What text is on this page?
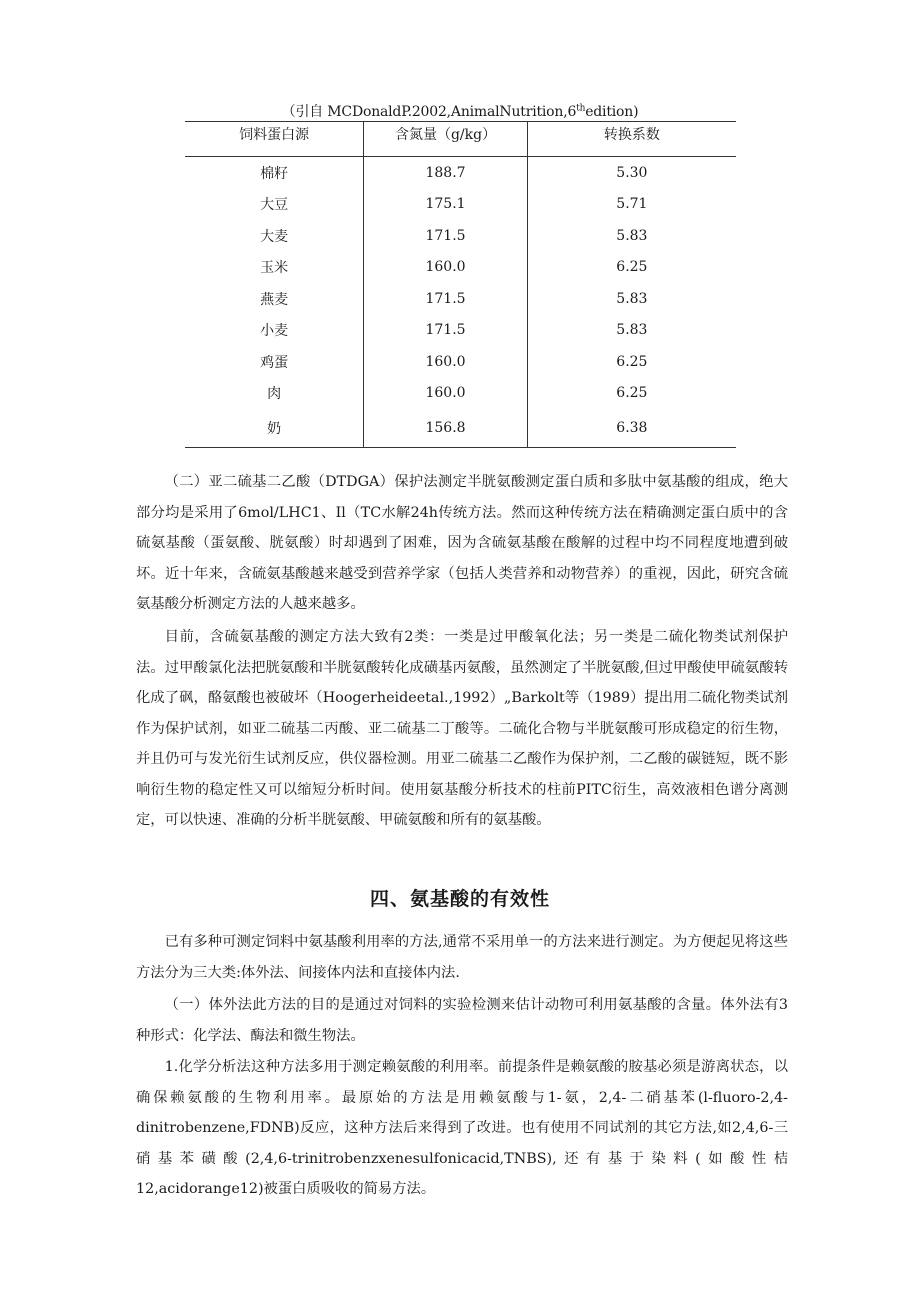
（引自 MCDonaldP.2002,AnimalNutrition,6thedition)
饲料蛋白源	含氮量（g/kg）	转换系数
棉籽	188.7	5.30
大豆	175.1	5.71
大麦	171.5	5.83
玉米	160.0	6.25
燕麦	171.5	5.83
小麦	171.5	5.83
鸡蛋	160.0	6.25
肉	160.0	6.25
奶	156.8	6.38

（二）亚二硫基二乙酸（DTDGA）保护法测定半胱氨酸测定蛋白质和多肽中氨基酸的组成，绝大部分均是采用了6mol/LHC1、Il（TC水解24h传统方法。然而这种传统方法在精确测定蛋白质中的含硫氨基酸（蛋氨酸、胱氨酸）时却遇到了困难，因为含硫氨基酸在酸解的过程中均不同程度地遭到破坏。近十年来，含硫氨基酸越来越受到营养学家（包括人类营养和动物营养）的重视，因此，研究含硫氨基酸分析测定方法的人越来越多。

目前，含硫氨基酸的测定方法大致有2类：一类是过甲酸氧化法；另一类是二硫化物类试剂保护法。过甲酸氯化法把胱氨酸和半胱氨酸转化成磺基丙氨酸，虽然测定了半胱氨酸,但过甲酸使甲硫氨酸转化成了砜，酪氨酸也被破坏（Hoogerheideetal.,1992）„Barkolt等（1989）提出用二硫化物类试剂作为保护试剂，如亚二硫基二丙酸、亚二硫基二丁酸等。二硫化合物与半胱氨酸可形成稳定的衍生物，并且仍可与发光衍生试剂反应，供仪器检测。用亚二硫基二乙酸作为保护剂，二乙酸的碳链短，既不影响衍生物的稳定性又可以缩短分析时间。使用氨基酸分析技术的柱前PITC衍生，高效液相色谱分离测定，可以快速、准确的分析半胱氨酸、甲硫氨酸和所有的氨基酸。

四、氨基酸的有效性

已有多种可测定饲料中氨基酸利用率的方法,通常不采用单一的方法来进行测定。为方便起见将这些方法分为三大类:体外法、间接体内法和直接体内法.

（一）体外法此方法的目的是通过对饲料的实验检测来估计动物可利用氨基酸的含量。体外法有3种形式：化学法、酶法和微生物法。

1.化学分析法这种方法多用于测定赖氨酸的利用率。前提条件是赖氨酸的胺基必须是游离状态，以确保赖氨酸的生物利用率。最原始的方法是用赖氨酸与1-氨，2,4-二硝基苯(l-fluoro-2,4-dinitrobenzene,FDNB)反应，这种方法后来得到了改进。也有使用不同试剂的其它方法,如2,4,6-三硝基苯磺酸(2,4,6-trinitrobenzxenesulfonicacid,TNBS),还有基于染料(如酸性桔12,acidorange12)被蛋白质吸收的简易方法。
